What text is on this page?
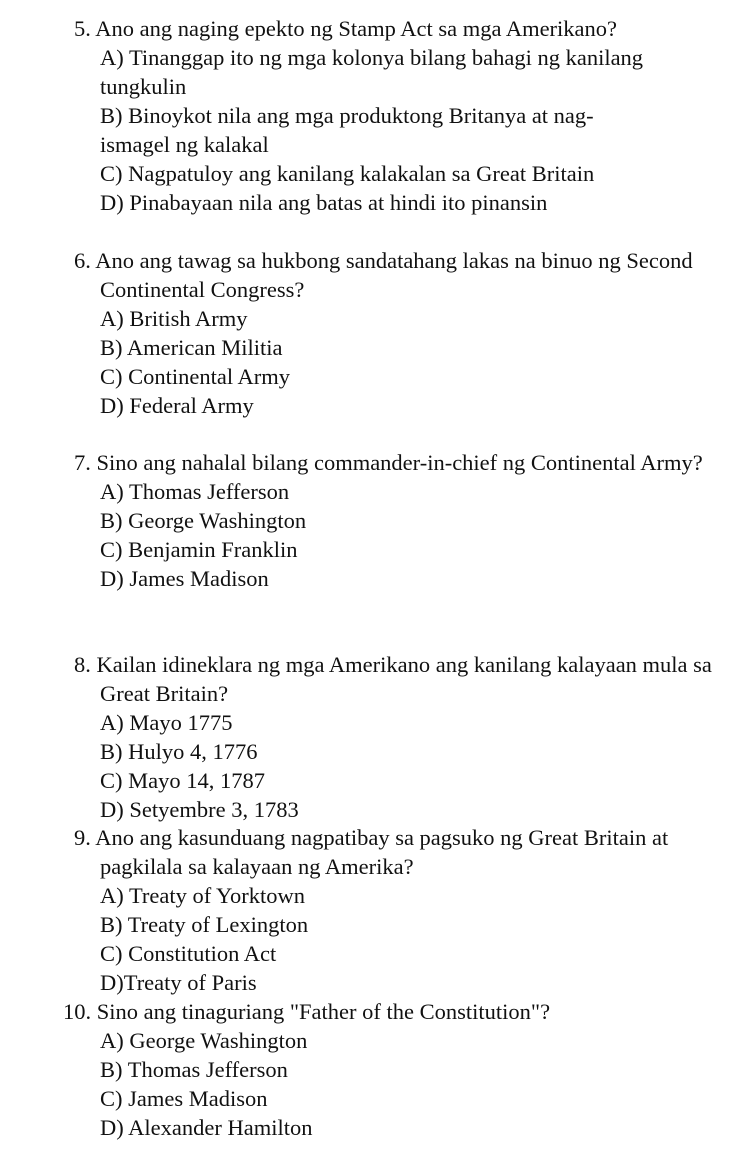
5. Ano ang naging epekto ng Stamp Act sa mga Amerikano?
A) Tinanggap ito ng mga kolonya bilang bahagi ng kanilang tungkulin
B) Binoykot nila ang mga produktong Britanya at nag-ismagel ng kalakal
C) Nagpatuloy ang kanilang kalakalan sa Great Britain
D) Pinabayaan nila ang batas at hindi ito pinansin
6. Ano ang tawag sa hukbong sandatahang lakas na binuo ng Second Continental Congress?
A) British Army
B) American Militia
C) Continental Army
D) Federal Army
7. Sino ang nahalal bilang commander-in-chief ng Continental Army?
A) Thomas Jefferson
B) George Washington
C) Benjamin Franklin
D) James Madison
8. Kailan idineklara ng mga Amerikano ang kanilang kalayaan mula sa Great Britain?
A) Mayo 1775
B) Hulyo 4, 1776
C) Mayo 14, 1787
D) Setyembre 3, 1783
9. Ano ang kasunduang nagpatibay sa pagsuko ng Great Britain at pagkilala sa kalayaan ng Amerika?
A) Treaty of Yorktown
B) Treaty of Lexington
C) Constitution Act
D)Treaty of Paris
10. Sino ang tinaguriang "Father of the Constitution"?
A) George Washington
B) Thomas Jefferson
C) James Madison
D) Alexander Hamilton
